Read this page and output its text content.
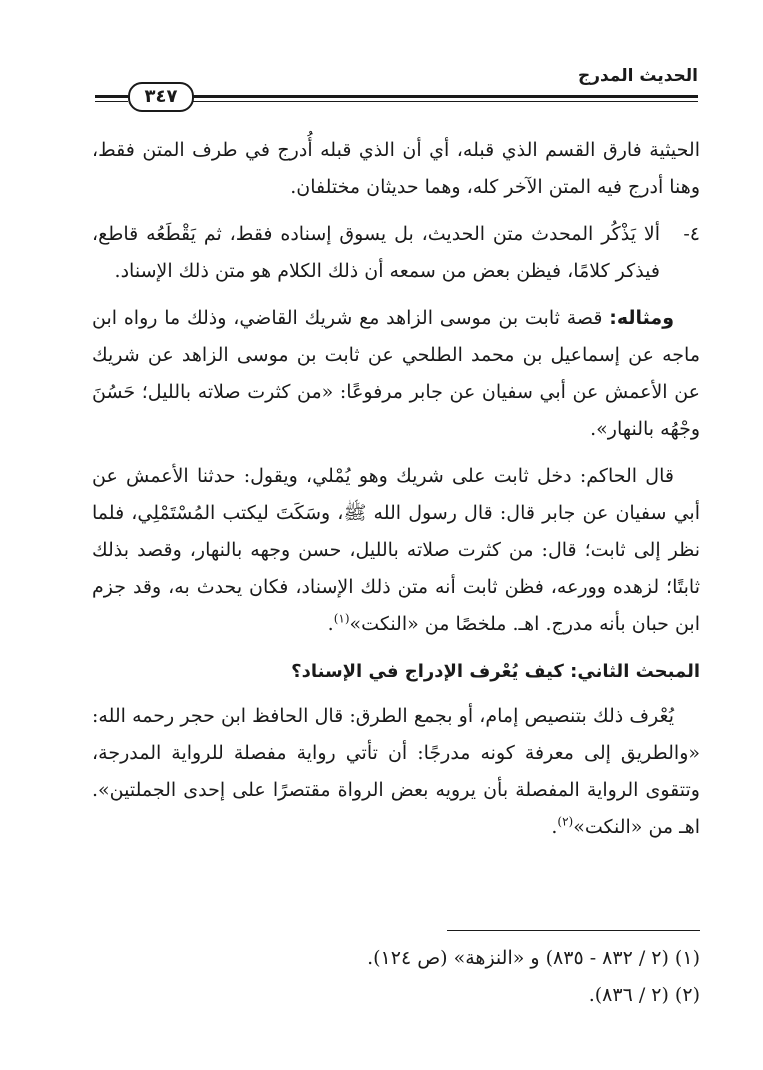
الحديث المدرج
٣٤٧

الحيثية فارق القسم الذي قبله، أي أن الذي قبله أُدرج في طرف المتن فقط، وهنا أدرج فيه المتن الآخر كله، وهما حديثان مختلفان.

٤-

ألا يَذْكُر المحدث متن الحديث، بل يسوق إسناده فقط، ثم يَقْطَعُه قاطع، فيذكر كلامًا، فيظن بعض من سمعه أن ذلك الكلام هو متن ذلك الإسناد.

ومثاله: قصة ثابت بن موسى الزاهد مع شريك القاضي، وذلك ما رواه ابن ماجه عن إسماعيل بن محمد الطلحي عن ثابت بن موسى الزاهد عن شريك عن الأعمش عن أبي سفيان عن جابر مرفوعًا: «من كثرت صلاته بالليل؛ حَسُنَ وجْهُه بالنهار».

قال الحاكم: دخل ثابت على شريك وهو يُمْلي، ويقول: حدثنا الأعمش عن أبي سفيان عن جابر قال: قال رسول الله ﷺ، وسَكَتَ ليكتب المُسْتَمْلِي، فلما نظر إلى ثابت؛ قال: من كثرت صلاته بالليل، حسن وجهه بالنهار، وقصد بذلك ثابتًا؛ لزهده وورعه، فظن ثابت أنه متن ذلك الإسناد، فكان يحدث به، وقد جزم ابن حبان بأنه مدرج. اهـ. ملخصًا من «النكت»$^{(١)}$.

المبحث الثاني: كيف يُعْرف الإدراج في الإسناد؟

يُعْرف ذلك بتنصيص إمام، أو بجمع الطرق: قال الحافظ ابن حجر رحمه الله: «والطريق إلى معرفة كونه مدرجًا: أن تأتي رواية مفصلة للرواية المدرجة، وتتقوى الرواية المفصلة بأن يرويه بعض الرواة مقتصرًا على إحدى الجملتين». اهـ من «النكت»$^{(٢)}$.

(١) (٢ / ٨٣٢ - ٨٣٥) و «النزهة» (ص ١٢٤).

(٢) (٢ / ٨٣٦).
